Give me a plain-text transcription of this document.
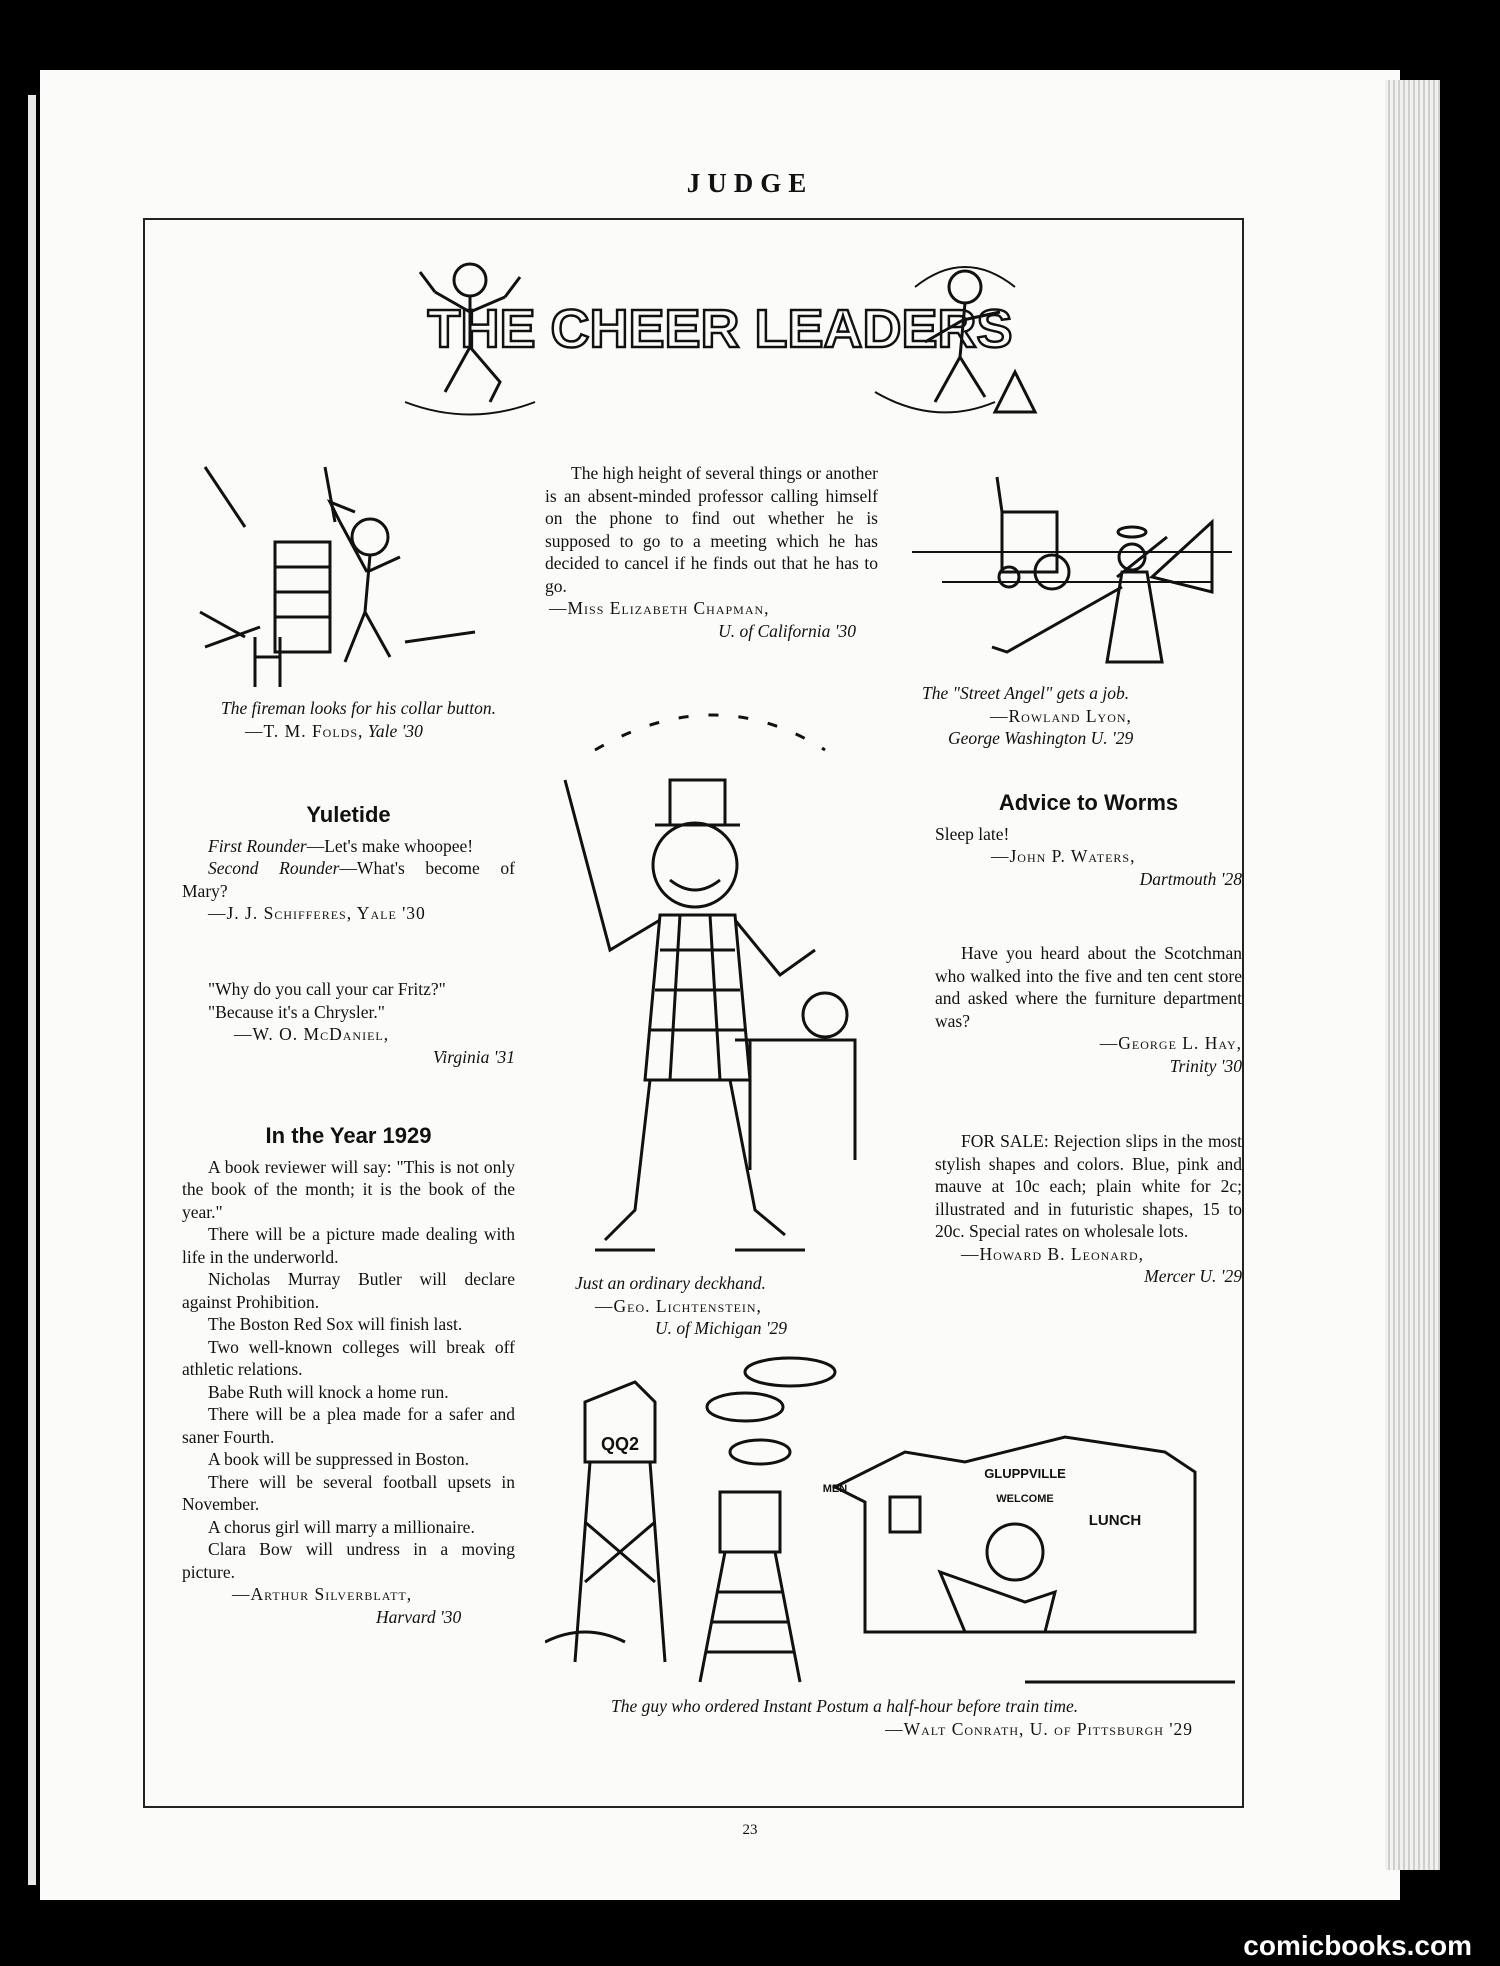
JUDGE
THE CHEER LEADERS
The fireman looks for his collar button.
—T. M. Folds, Yale '30
Yuletide

First Rounder—Let's make whoopee!

Second Rounder—What's become of Mary?

—J. J. Schifferes, Yale '30

"Why do you call your car Fritz?"

"Because it's a Chrysler."

—W. O. McDaniel,
Virginia '31
In the Year 1929

A book reviewer will say: "This is not only the book of the month; it is the book of the year."

There will be a picture made dealing with life in the underworld.

Nicholas Murray Butler will declare against Prohibition.

The Boston Red Sox will finish last.

Two well-known colleges will break off athletic relations.

Babe Ruth will knock a home run.

There will be a plea made for a safer and saner Fourth.

A book will be suppressed in Boston.

There will be several football upsets in November.

A chorus girl will marry a millionaire.

Clara Bow will undress in a moving picture.

—Arthur Silverblatt,
Harvard '30

The high height of several things or another is an absent-minded professor calling himself on the phone to find out whether he is supposed to go to a meeting which he has decided to cancel if he finds out that he has to go.

—Miss Elizabeth Chapman,
U. of California '30
Just an ordinary deckhand.
—Geo. Lichtenstein,
U. of Michigan '29
The "Street Angel" gets a job.
—Rowland Lyon,
George Washington U. '29
Advice to Worms

Sleep late!

—John P. Waters,
Dartmouth '28

Have you heard about the Scotchman who walked into the five and ten cent store and asked where the furniture department was?

—George L. Hay,
Trinity '30

FOR SALE: Rejection slips in the most stylish shapes and colors. Blue, pink and mauve at 10c each; plain white for 2c; illustrated and in futuristic shapes, 15 to 20c. Special rates on wholesale lots.

—Howard B. Leonard,
Mercer U. '29
QQ2
GLUPPVILLE
WELCOME
LUNCH
MEN

The guy who ordered Instant Postum a half-hour before train time.

—Walt Conrath, U. of Pittsburgh '29
23
comicbooks.com
